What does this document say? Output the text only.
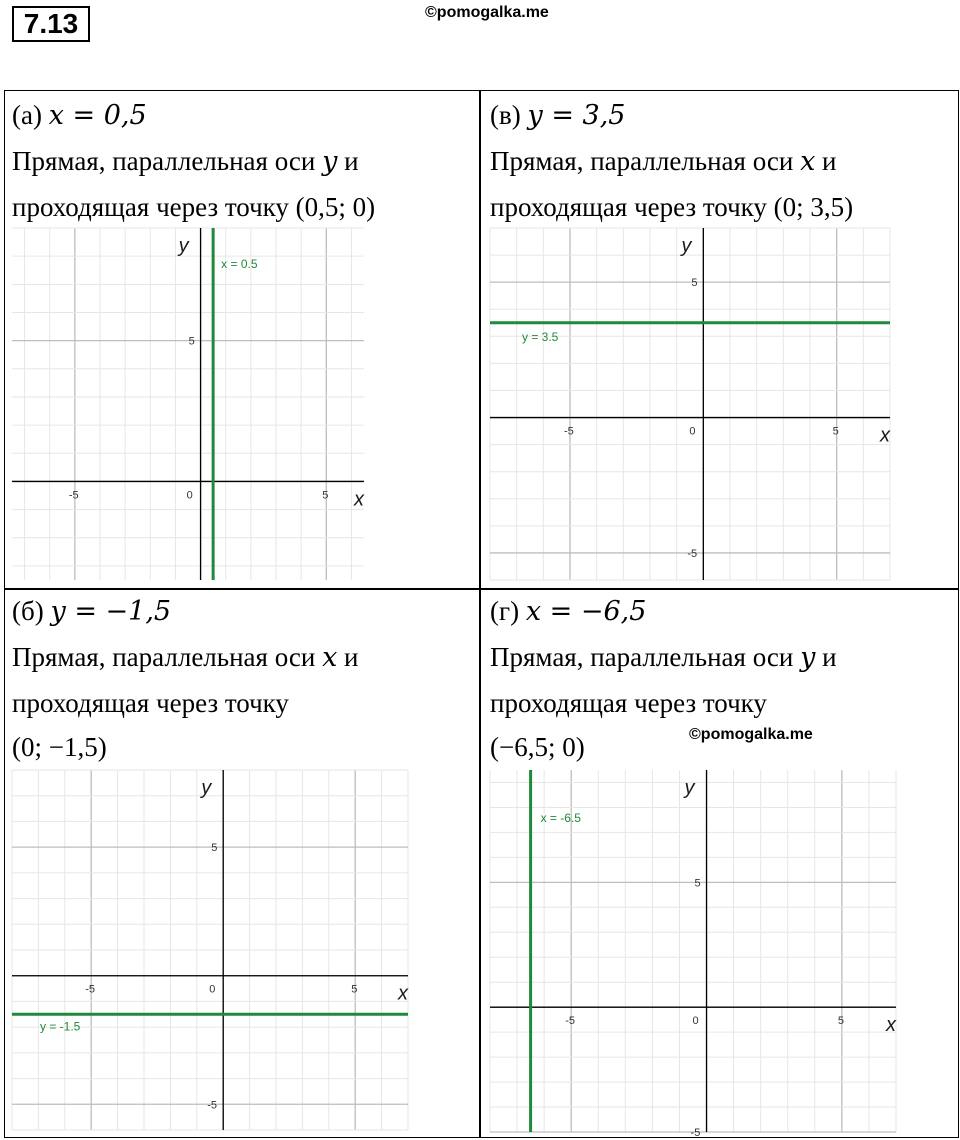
7.13	©pomogalka.me
(а) x = 0,5
Прямая, параллельная оси y и
проходящая через точку (0,5; 0)
-5	0	5
5
x
y
x = 0.5
(в) y = 3,5
Прямая, параллельная оси x и
проходящая через точку (0; 3,5)
-5	0	5
5
-5
x
y
y = 3.5
(б) y = −1,5
Прямая, параллельная оси x и
проходящая через точку
(0; −1,5)
-5	0	5
5
-5
x
y
y = -1.5
(г) x = −6,5
Прямая, параллельная оси y и
проходящая через точку
(−6,5; 0)
-5	0	5
5
-5
x
y
x = -6.5
©pomogalka.me
